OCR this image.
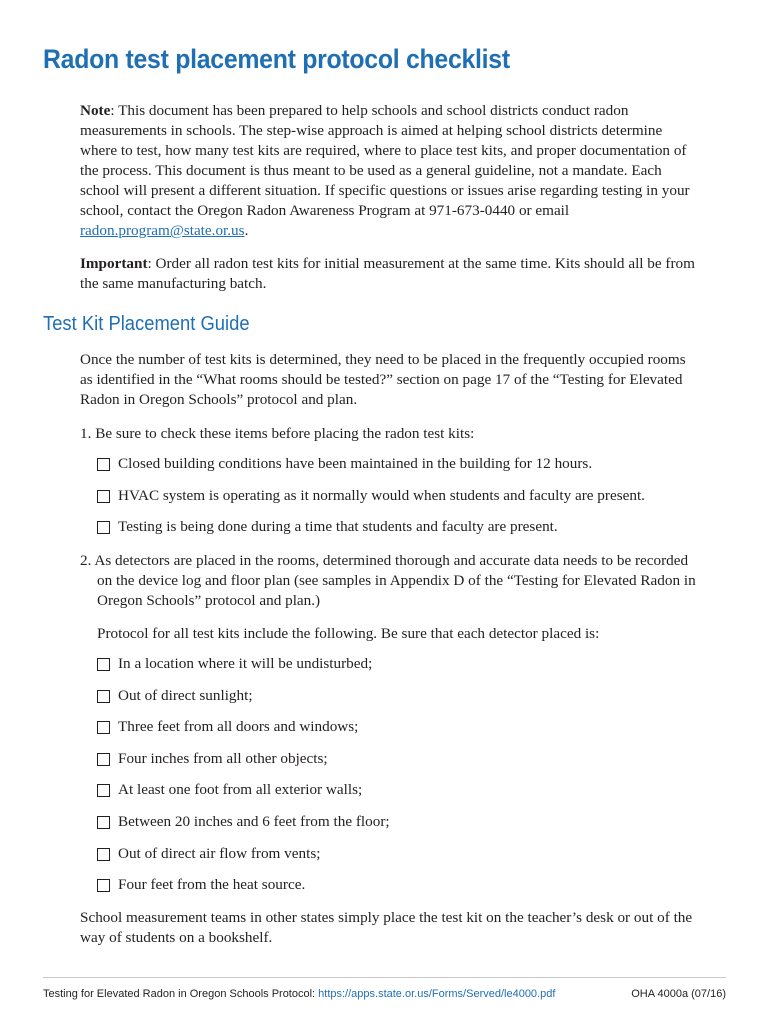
Radon test placement protocol checklist

Note: This document has been prepared to help schools and school districts conduct radon measurements in schools. The step-wise approach is aimed at helping school districts determine where to test, how many test kits are required, where to place test kits, and proper documentation of the process. This document is thus meant to be used as a general guideline, not a mandate. Each school will present a different situation. If specific questions or issues arise regarding testing in your school, contact the Oregon Radon Awareness Program at 971-673-0440 or email radon.program@state.or.us.

Important: Order all radon test kits for initial measurement at the same time. Kits should all be from the same manufacturing batch.

Test Kit Placement Guide

Once the number of test kits is determined, they need to be placed in the frequently occupied rooms as identified in the “What rooms should be tested?” section on page 17 of the “Testing for Elevated Radon in Oregon Schools” protocol and plan.

1. Be sure to check these items before placing the radon test kits:

Closed building conditions have been maintained in the building for 12 hours.
HVAC system is operating as it normally would when students and faculty are present.
Testing is being done during a time that students and faculty are present.

2. As detectors are placed in the rooms, determined thorough and accurate data needs to be recorded on the device log and floor plan (see samples in Appendix D of the “Testing for Elevated Radon in Oregon Schools” protocol and plan.)

Protocol for all test kits include the following. Be sure that each detector placed is:

In a location where it will be undisturbed;
Out of direct sunlight;
Three feet from all doors and windows;
Four inches from all other objects;
At least one foot from all exterior walls;
Between 20 inches and 6 feet from the floor;
Out of direct air flow from vents;
Four feet from the heat source.

School measurement teams in other states simply place the test kit on the teacher’s desk or out of the way of students on a bookshelf.

Testing for Elevated Radon in Oregon Schools Protocol: https://apps.state.or.us/Forms/Served/le4000.pdf	OHA 4000a (07/16)
